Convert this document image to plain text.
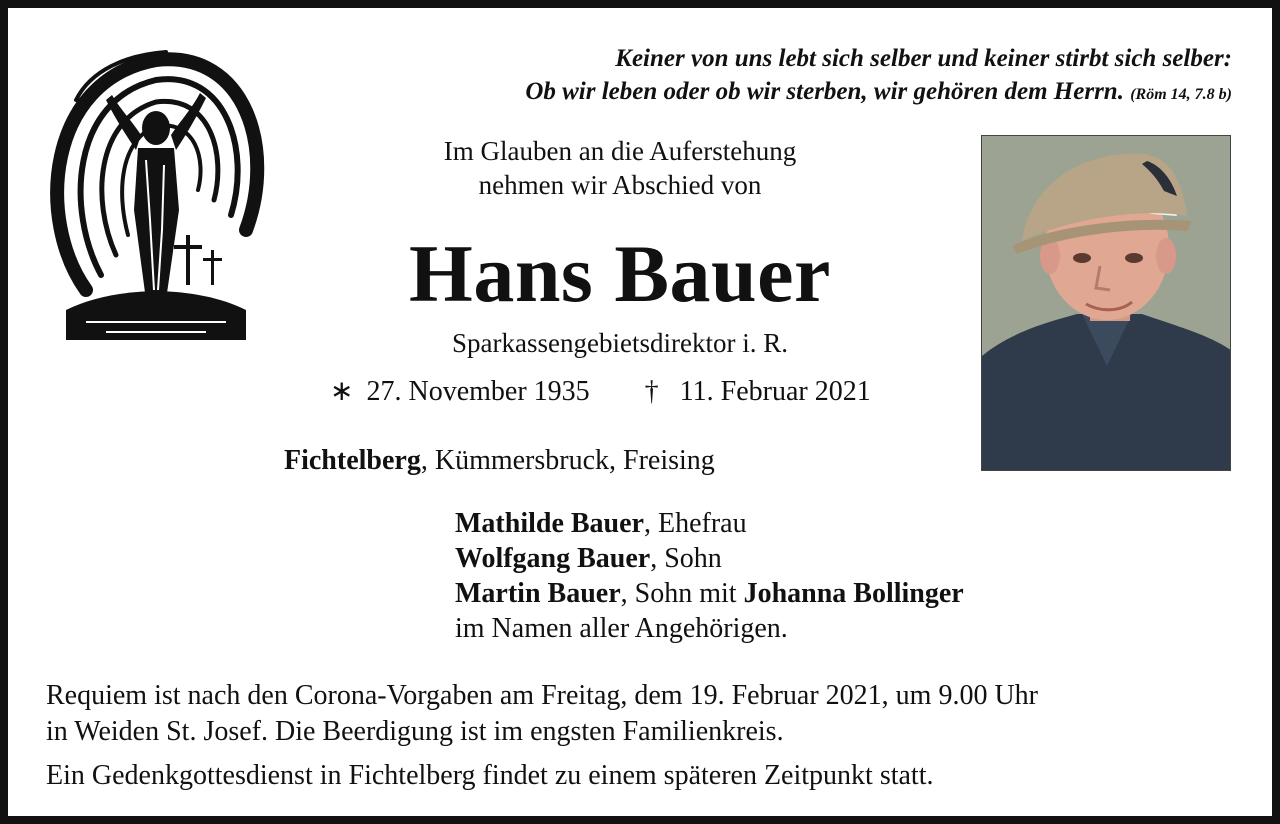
Keiner von uns lebt sich selber und keiner stirbt sich selber:
Ob wir leben oder ob wir sterben, wir gehören dem Herrn. (Röm 14, 7.8 b)
Im Glauben an die Auferstehung
nehmen wir Abschied von
Hans Bauer
Sparkassengebietsdirektor i. R.
∗ 27. November 1935 † 11. Februar 2021
Fichtelberg, Kümmersbruck, Freising
Mathilde Bauer, Ehefrau
Wolfgang Bauer, Sohn
Martin Bauer, Sohn mit Johanna Bollinger
im Namen aller Angehörigen.
Requiem ist nach den Corona-Vorgaben am Freitag, dem 19. Februar 2021, um 9.00 Uhr
in Weiden St. Josef. Die Beerdigung ist im engsten Familienkreis.
Ein Gedenkgottesdienst in Fichtelberg findet zu einem späteren Zeitpunkt statt.
